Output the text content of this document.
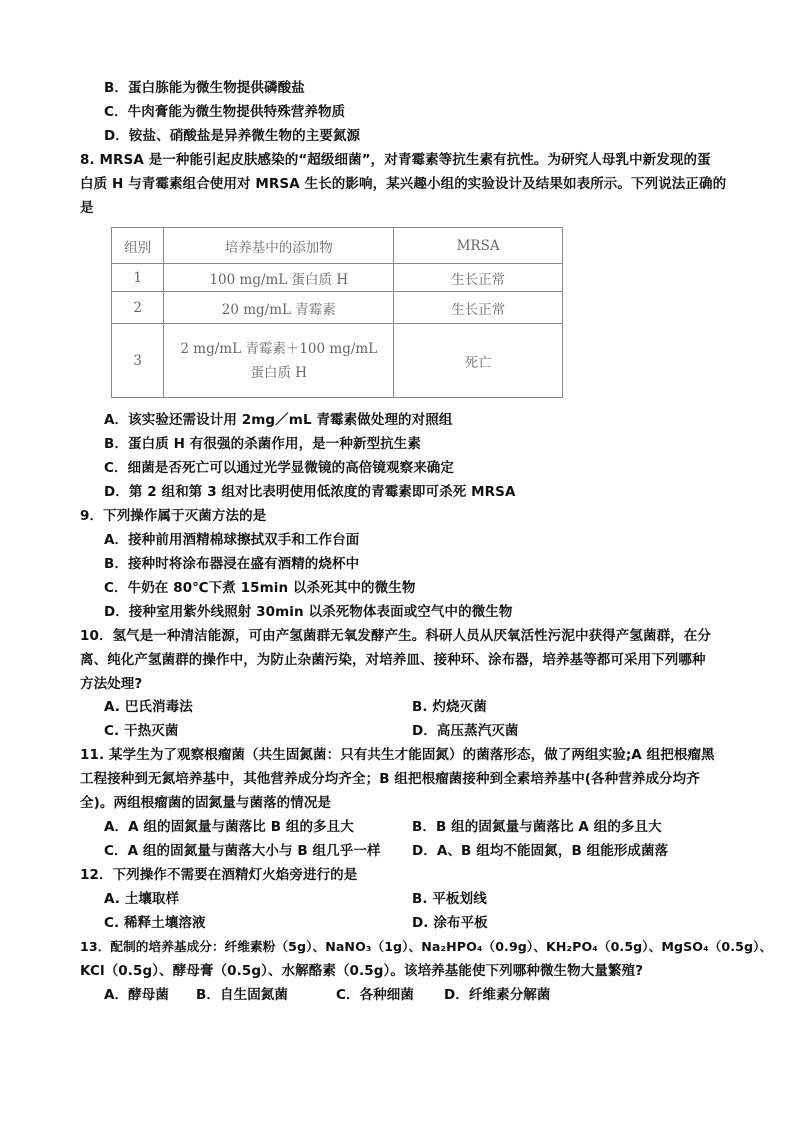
B．蛋白胨能为微生物提供磷酸盐
C．牛肉膏能为微生物提供特殊营养物质
D．铵盐、硝酸盐是异养微生物的主要氮源
8. MRSA 是一种能引起皮肤感染的“超级细菌”，对青霉素等抗生素有抗性。为研究人母乳中新发现的蛋
白质 H 与青霉素组合使用对 MRSA 生长的影响，某兴趣小组的实验设计及结果如表所示。下列说法正确的
是
组别	培养基中的添加物	MRSA
1	100 mg/mL 蛋白质 H	生长正常
2	20 mg/mL 青霉素	生长正常
3	2 mg/mL 青霉素＋100 mg/mL
蛋白质 H	死亡
A．该实验还需设计用 2mg／mL 青霉素做处理的对照组
B．蛋白质 H 有很强的杀菌作用，是一种新型抗生素
C．细菌是否死亡可以通过光学显微镜的高倍镜观察来确定
D．第 2 组和第 3 组对比表明使用低浓度的青霉素即可杀死 MRSA
9．下列操作属于灭菌方法的是
A．接种前用酒精棉球擦拭双手和工作台面
B．接种时将涂布器浸在盛有酒精的烧杯中
C．牛奶在 80℃下煮 15min 以杀死其中的微生物
D．接种室用紫外线照射 30min 以杀死物体表面或空气中的微生物
10．氢气是一种清洁能源，可由产氢菌群无氧发酵产生。科研人员从厌氧活性污泥中获得产氢菌群，在分
离、纯化产氢菌群的操作中，为防止杂菌污染，对培养皿、接种环、涂布器，培养基等都可采用下列哪种
方法处理?
A. 巴氏消毒法	B. 灼烧灭菌
C. 干热灭菌	D．高压蒸汽灭菌
11. 某学生为了观察根瘤菌（共生固氮菌：只有共生才能固氮）的菌落形态，做了两组实验;A 组把根瘤黑
工程接种到无氮培养基中，其他营养成分均齐全；B 组把根瘤菌接种到全素培养基中(各种营养成分均齐
全)。两组根瘤菌的固氮量与菌落的情况是
A．A 组的固氮量与菌落比 B 组的多且大	B．B 组的固氮量与菌落比 A 组的多且大
C．A 组的固氮量与菌落大小与 B 组几乎一样 D．A、B 组均不能固氮，B 组能形成菌落
12．下列操作不需要在酒精灯火焰旁进行的是
A. 土壤取样	B. 平板划线
C. 稀释土壤溶液	D. 涂布平板
13．配制的培养基成分：纤维素粉（5g）、NaNO₃（1g）、Na₂HPO₄（0.9g）、KH₂PO₄（0.5g）、MgSO₄（0.5g）、
KCl（0.5g）、酵母膏（0.5g）、水解酪素（0.5g）。该培养基能使下列哪种微生物大量繁殖?
A．酵母菌 B．自生固氮菌	C．各种细菌 D．纤维素分解菌
